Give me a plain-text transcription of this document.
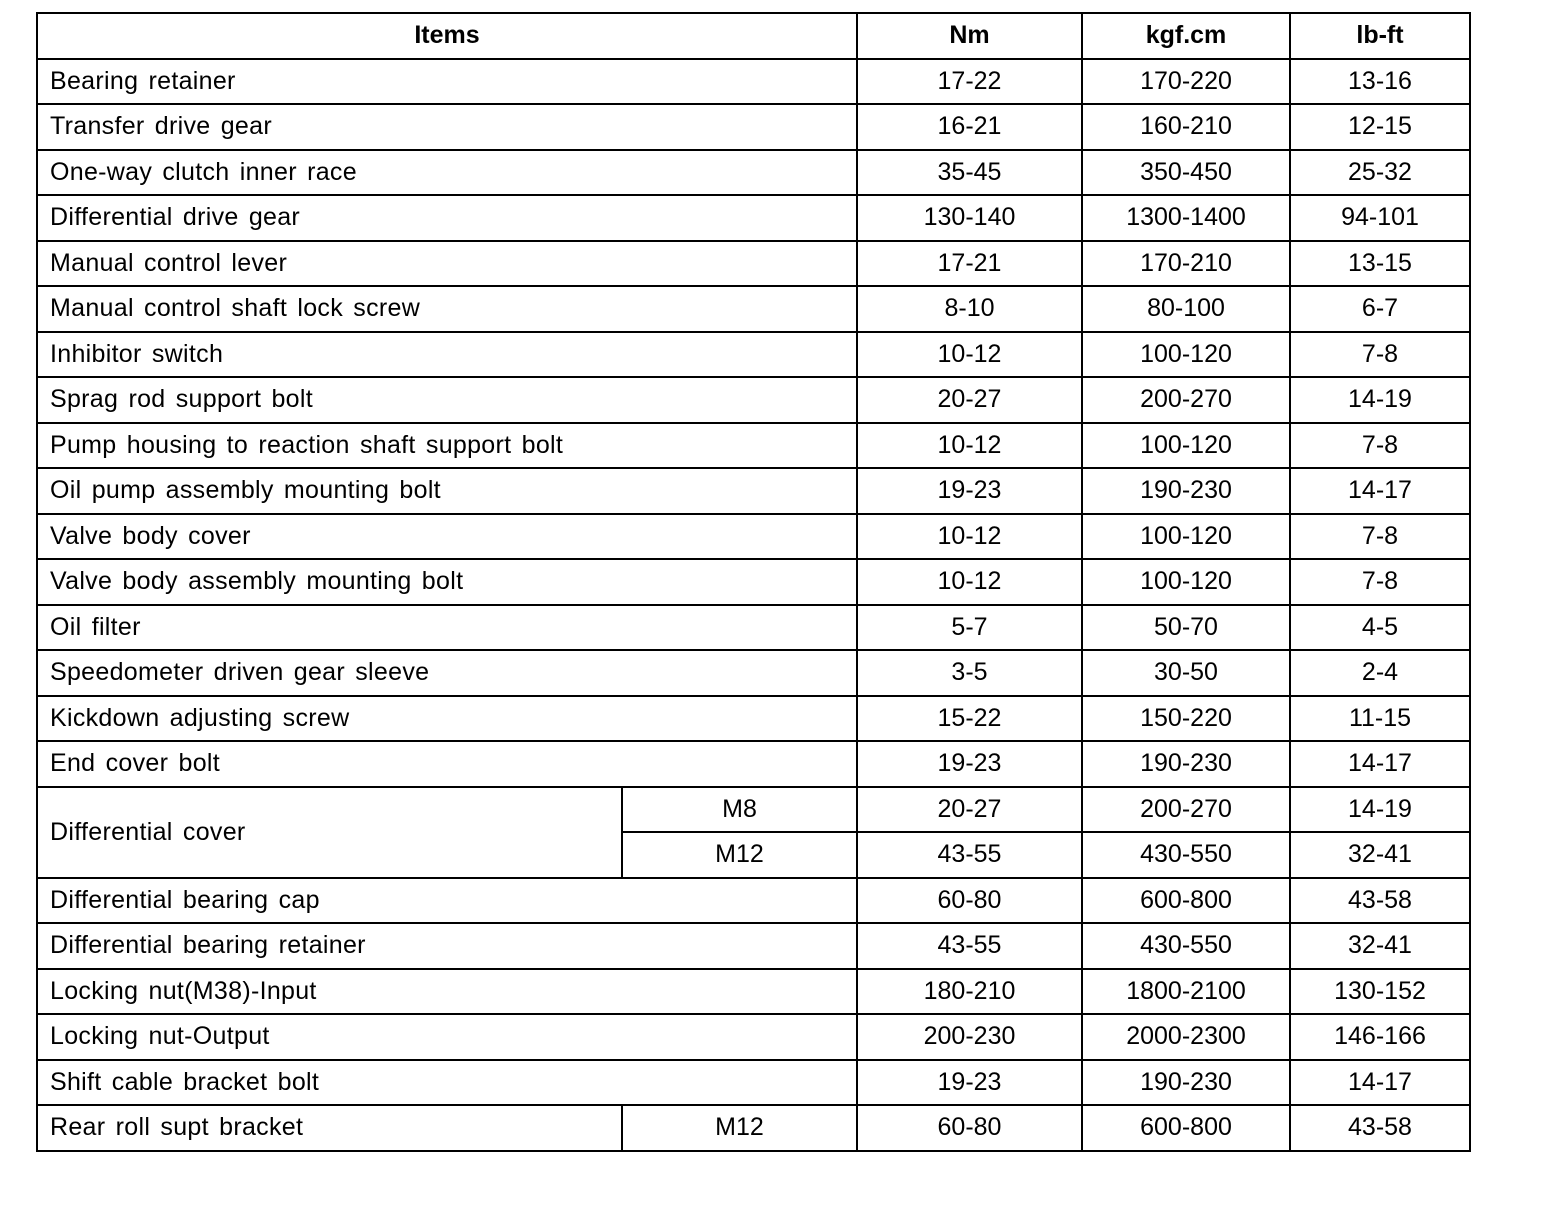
Items		Nm	kgf.cm	lb-ft
Bearing retainer		17-22	170-220	13-16
Transfer drive gear		16-21	160-210	12-15
One-way clutch inner race		35-45	350-450	25-32
Differential drive gear		130-140	1300-1400	94-101
Manual control lever		17-21	170-210	13-15
Manual control shaft lock screw		8-10	80-100	6-7
Inhibitor switch		10-12	100-120	7-8
Sprag rod support bolt		20-27	200-270	14-19
Pump housing to reaction shaft support bolt		10-12	100-120	7-8
Oil pump assembly mounting bolt		19-23	190-230	14-17
Valve body cover		10-12	100-120	7-8
Valve body assembly mounting bolt		10-12	100-120	7-8
Oil filter		5-7	50-70	4-5
Speedometer driven gear sleeve		3-5	30-50	2-4
Kickdown adjusting screw		15-22	150-220	11-15
End cover bolt		19-23	190-230	14-17
Differential cover	M8	20-27	200-270	14-19
	M12	43-55	430-550	32-41
Differential bearing cap		60-80	600-800	43-58
Differential bearing retainer		43-55	430-550	32-41
Locking nut(M38)-Input		180-210	1800-2100	130-152
Locking nut-Output		200-230	2000-2300	146-166
Shift cable bracket bolt		19-23	190-230	14-17
Rear roll supt bracket	M12	60-80	600-800	43-58
